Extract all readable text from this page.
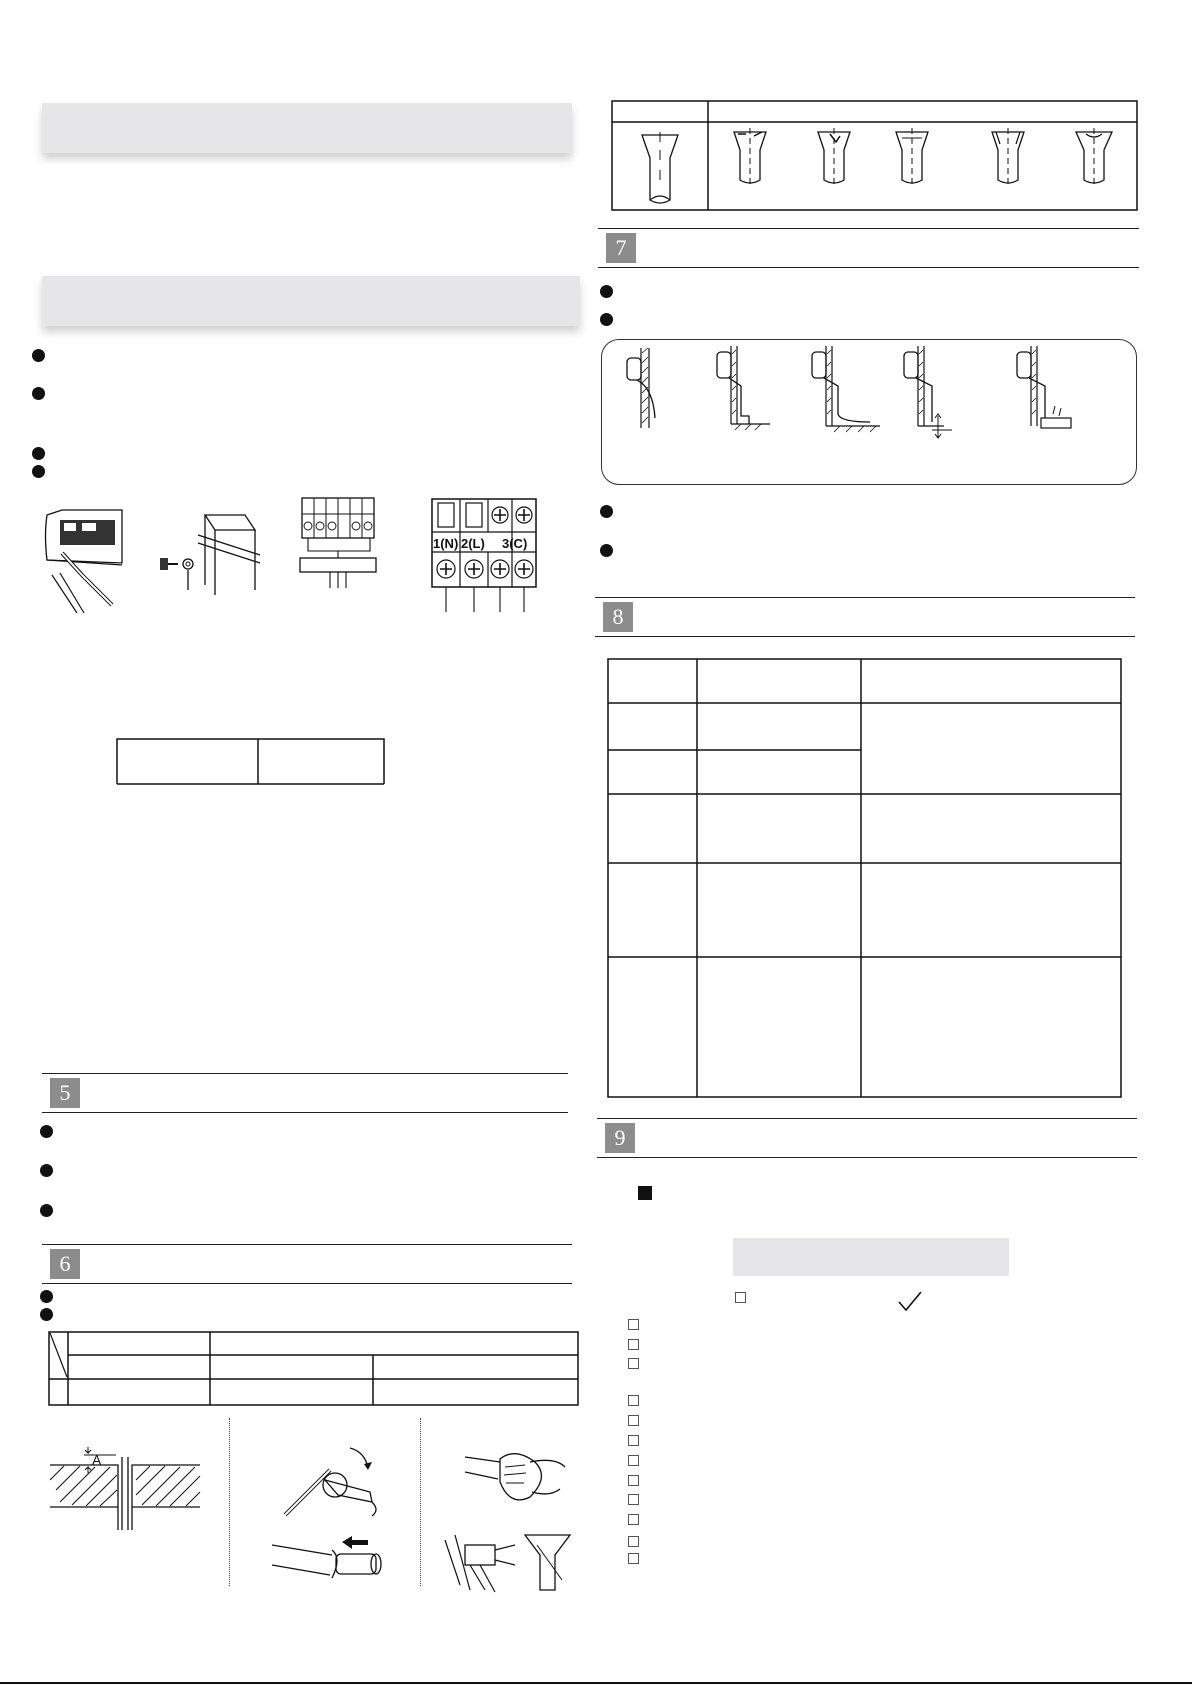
1(N) 2(L) 3(C)
5
6
A
7
8
9
